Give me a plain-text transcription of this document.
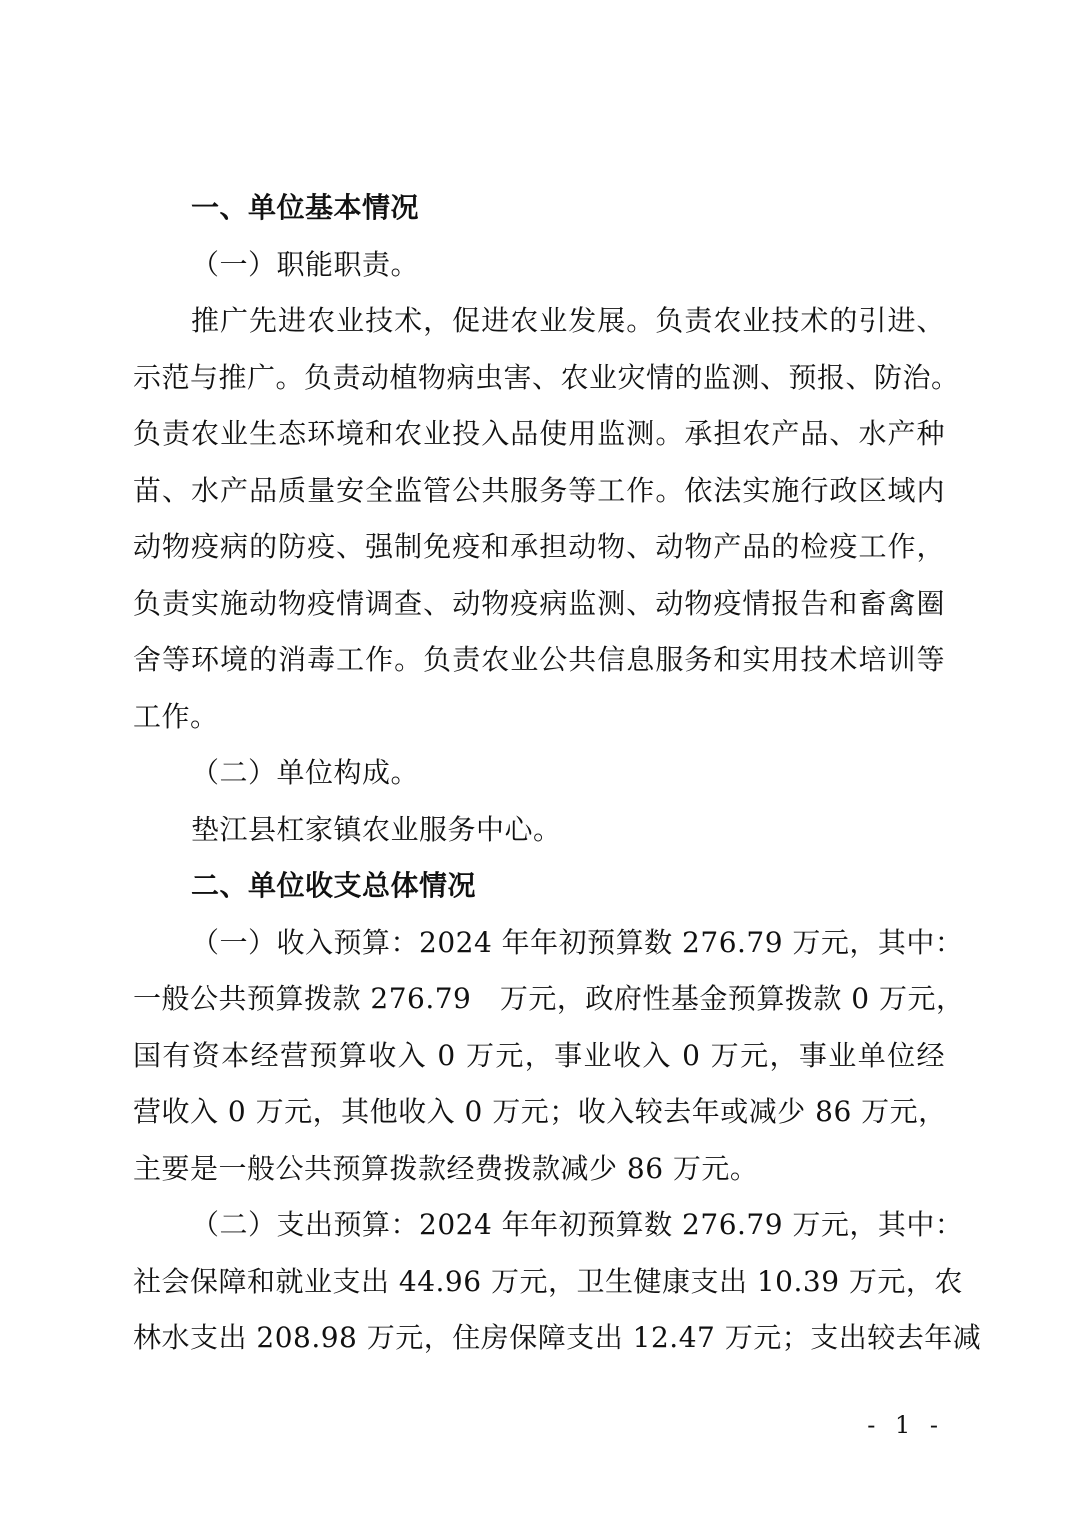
一、单位基本情况
（一）职能职责。
推广先进农业技术，促进农业发展。负责农业技术的引进、
示范与推广。负责动植物病虫害、农业灾情的监测、预报、防治。
负责农业生态环境和农业投入品使用监测。承担农产品、水产种
苗、水产品质量安全监管公共服务等工作。依法实施行政区域内
动物疫病的防疫、强制免疫和承担动物、动物产品的检疫工作，
负责实施动物疫情调查、动物疫病监测、动物疫情报告和畜禽圈
舍等环境的消毒工作。负责农业公共信息服务和实用技术培训等
工作。
（二）单位构成。
垫江县杠家镇农业服务中心。
二、单位收支总体情况
（一）收入预算：2024 年年初预算数 276.79 万元，其中：
一般公共预算拨款 276.79　万元，政府性基金预算拨款 0 万元，
国有资本经营预算收入 0 万元，事业收入 0 万元，事业单位经
营收入 0 万元，其他收入 0 万元；收入较去年或减少 86 万元，
主要是一般公共预算拨款经费拨款减少 86 万元。
（二）支出预算：2024 年年初预算数 276.79 万元，其中：
社会保障和就业支出 44.96 万元，卫生健康支出 10.39 万元，农
林水支出 208.98 万元，住房保障支出 12.47 万元；支出较去年减
- 1 -
